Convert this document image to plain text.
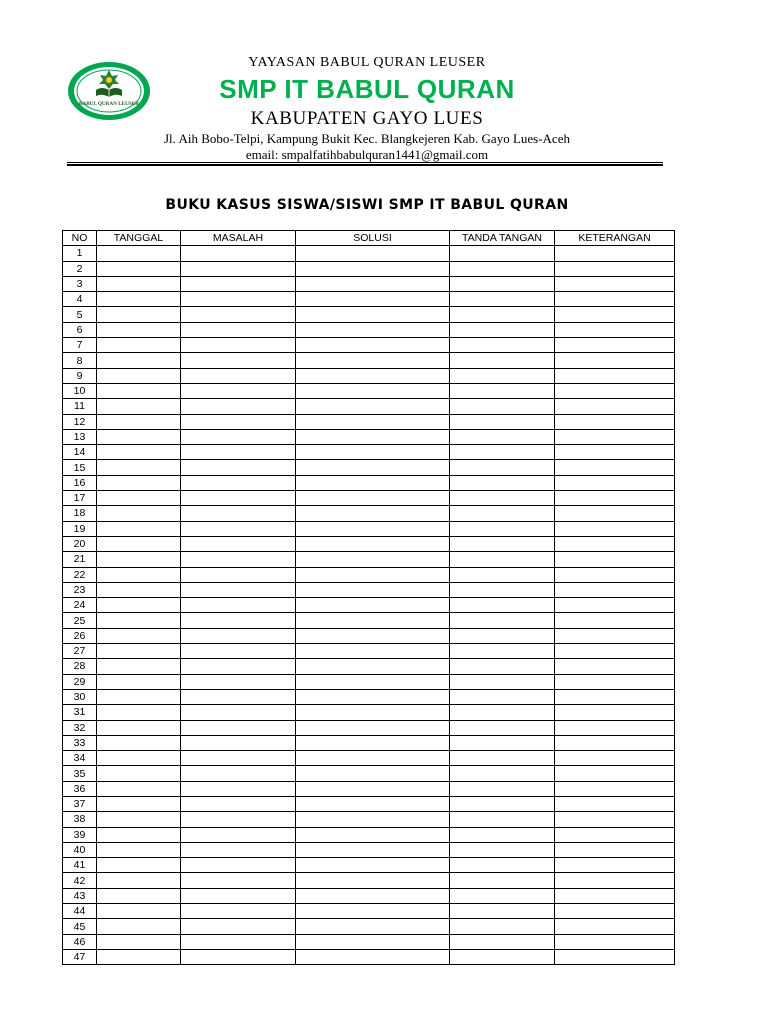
BABUL QURAN LEUSER
YAYASAN BABUL QURAN LEUSER
SMP IT BABUL QURAN
KABUPATEN GAYO LUES
Jl. Aih Bobo-Telpi, Kampung Bukit Kec. Blangkejeren Kab. Gayo Lues-Aceh
email: smpalfatihbabulquran1441@gmail.com
BUKU KASUS SISWA/SISWI SMP IT BABUL QURAN
NO	TANGGAL	MASALAH	SOLUSI	TANDA TANGAN	KETERANGAN
1					
2					
3					
4					
5					
6					
7					
8					
9					
10					
11					
12					
13					
14					
15					
16					
17					
18					
19					
20					
21					
22					
23					
24					
25					
26					
27					
28					
29					
30					
31					
32					
33					
34					
35					
36					
37					
38					
39					
40					
41					
42					
43					
44					
45					
46					
47					
